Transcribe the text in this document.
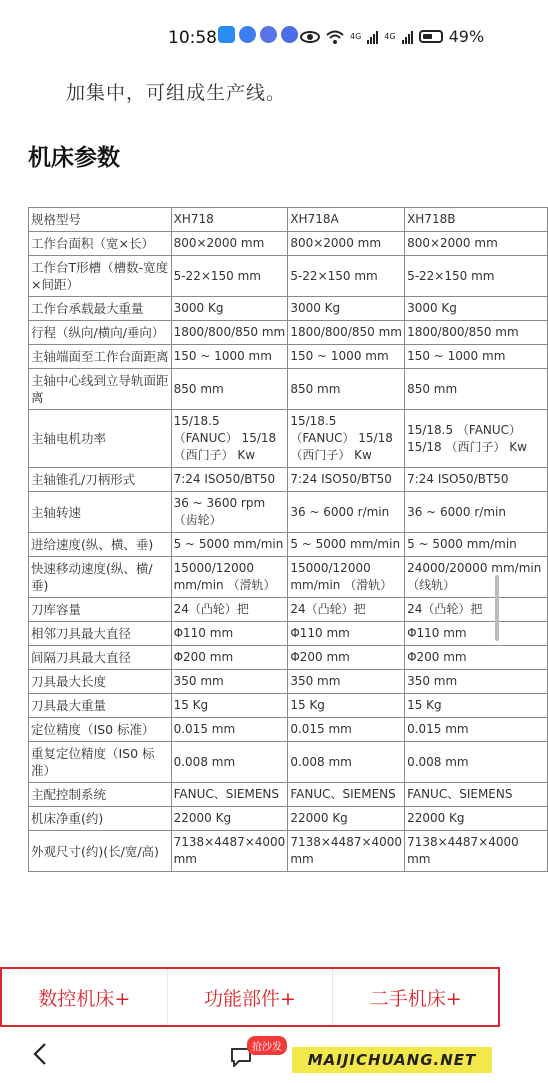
加集中，可组成生产线。
10:58	4G	4G	49%
机床参数
规格型号	XH718	XH718A	XH718B
工作台面积（宽×长）	800×2000 mm	800×2000 mm	800×2000 mm
工作台T形槽（槽数-宽度×间距）	5-22×150 mm	5-22×150 mm	5-22×150 mm
工作台承载最大重量	3000 Kg	3000 Kg	3000 Kg
行程（纵向/横向/垂向）	1800/800/850 mm	1800/800/850 mm	1800/800/850 mm
主轴端面至工作台面距离	150 ~ 1000 mm	150 ~ 1000 mm	150 ~ 1000 mm
主轴中心线到立导轨面距离	850 mm	850 mm	850 mm
主轴电机功率	15/18.5 （FANUC） 15/18 （西门子） Kw	15/18.5 （FANUC） 15/18 （西门子） Kw	15/18.5 （FANUC） 15/18 （西门子） Kw
主轴锥孔/刀柄形式	7:24 ISO50/BT50	7:24 ISO50/BT50	7:24 ISO50/BT50
主轴转速	36 ~ 3600 rpm （齿轮）	36 ~ 6000 r/min	36 ~ 6000 r/min
进给速度(纵、横、垂)	5 ~ 5000 mm/min	5 ~ 5000 mm/min	5 ~ 5000 mm/min
快速移动速度(纵、横/垂)	15000/12000 mm/min （滑轨）	15000/12000 mm/min （滑轨）	24000/20000 mm/min （线轨）
刀库容量	24（凸轮）把	24（凸轮）把	24（凸轮）把
相邻刀具最大直径	Φ110 mm	Φ110 mm	Φ110 mm
间隔刀具最大直径	Φ200 mm	Φ200 mm	Φ200 mm
刀具最大长度	350 mm	350 mm	350 mm
刀具最大重量	15 Kg	15 Kg	15 Kg
定位精度（IS0 标准）	0.015 mm	0.015 mm	0.015 mm
重复定位精度（IS0 标准）	0.008 mm	0.008 mm	0.008 mm
主配控制系统	FANUC、SIEMENS	FANUC、SIEMENS	FANUC、SIEMENS
机床净重(约)	22000 Kg	22000 Kg	22000 Kg
外观尺寸(约)(长/宽/高)	7138×4487×4000 mm	7138×4487×4000 mm	7138×4487×4000 mm
数控机床+	功能部件+	二手机床+
抢沙发
MAIJICHUANG.NET
